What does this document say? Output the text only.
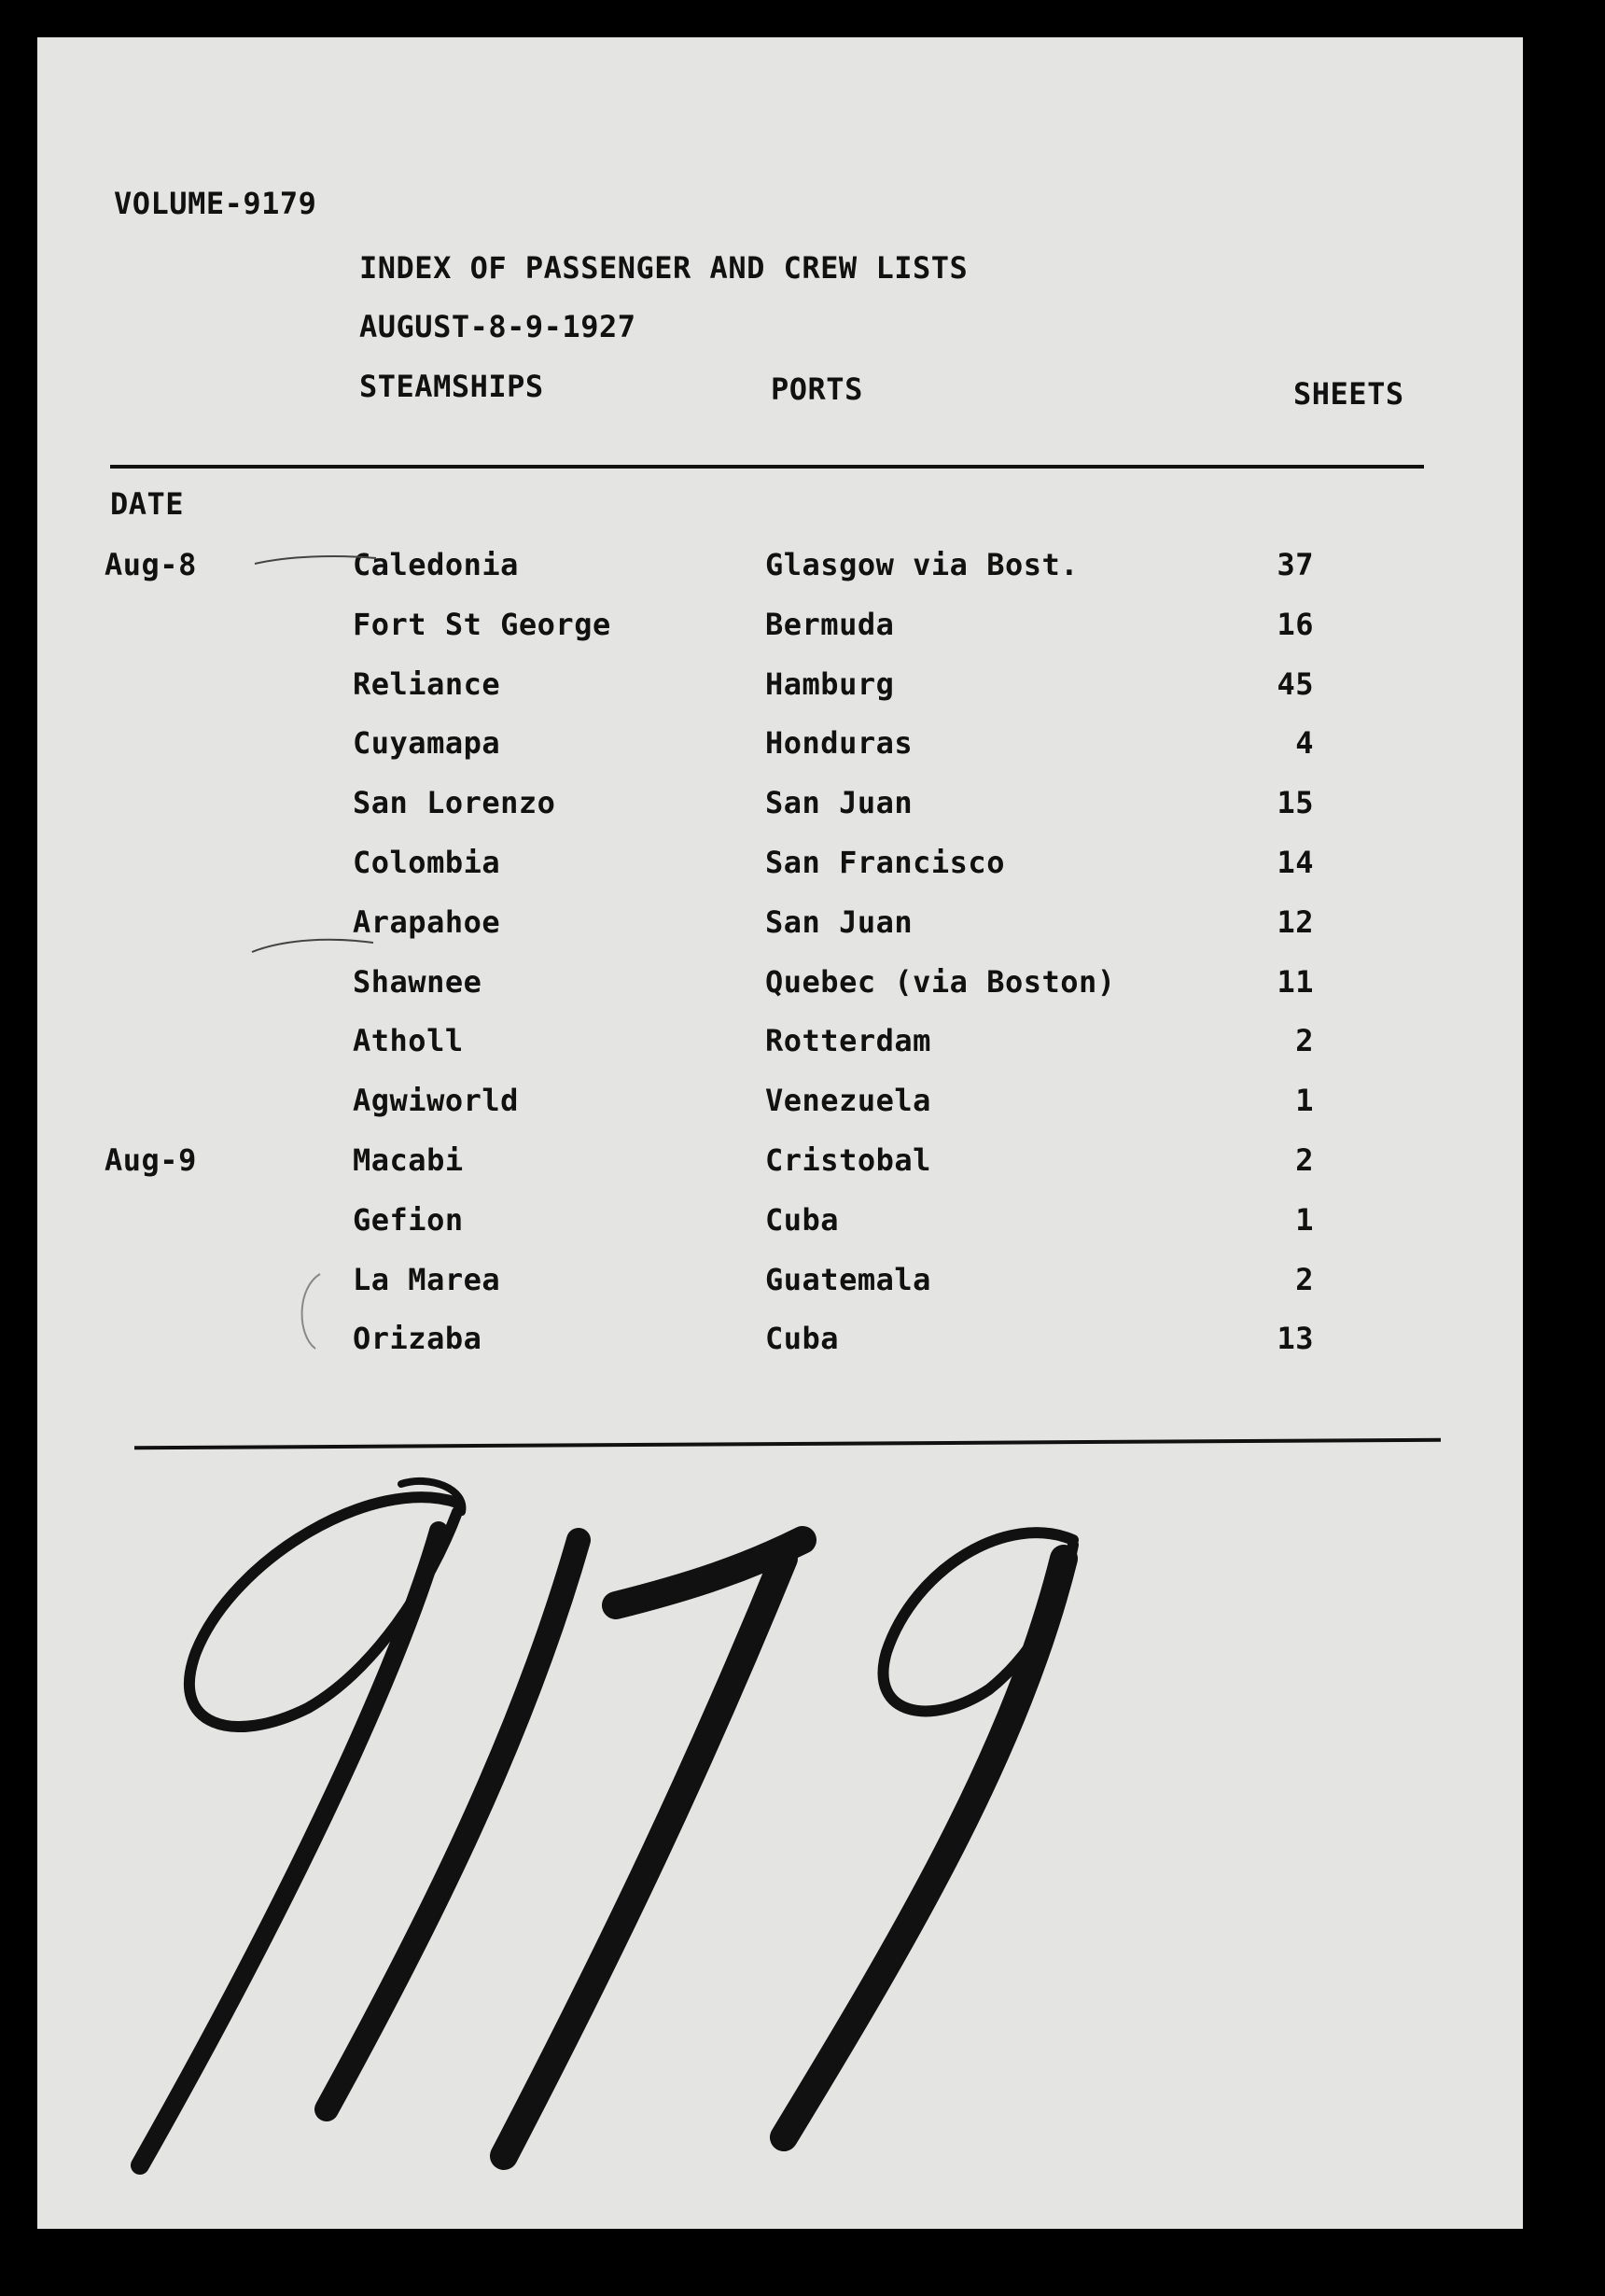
VOLUME-9179
INDEX OF PASSENGER AND CREW LISTS
AUGUST-8-9-1927
STEAMSHIPS	PORTS	SHEETS
DATE
Aug-8	Caledonia	Glasgow via Bost.	37
Fort St George	Bermuda	16
Reliance	Hamburg	45
Cuyamapa	Honduras	4
San Lorenzo	San Juan	15
Colombia	San Francisco	14
Arapahoe	San Juan	12
Shawnee	Quebec (via Boston)	11
Atholl	Rotterdam	2
Agwiworld	Venezuela	1
Aug-9	Macabi	Cristobal	2
Gefion	Cuba	1
La Marea	Guatemala	2
Orizaba	Cuba	13
